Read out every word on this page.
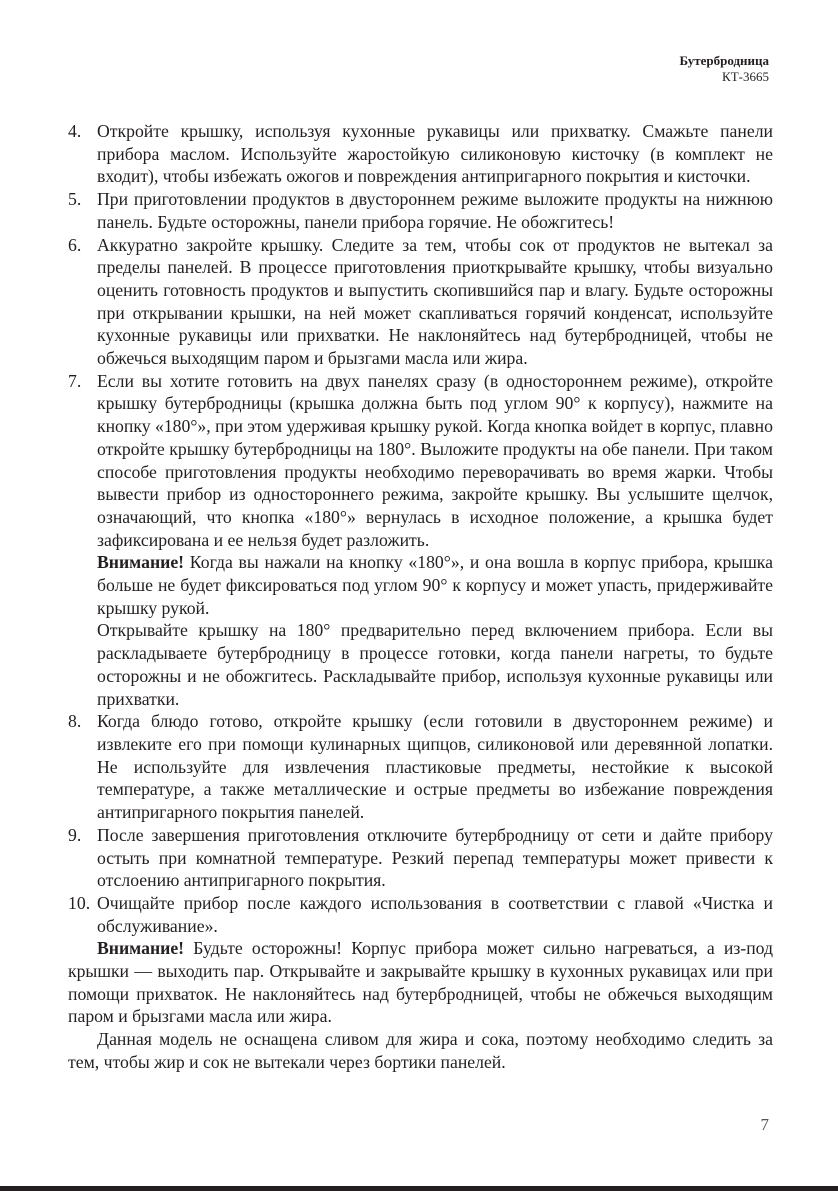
Бутербродница
КТ-3665
4. Откройте крышку, используя кухонные рукавицы или прихватку. Смажьте панели прибора маслом. Используйте жаростойкую силиконовую кисточку (в комплект не входит), чтобы избежать ожогов и повреждения антипригарного покрытия и кисточки.

5. При приготовлении продуктов в двустороннем режиме выложите продукты на нижнюю панель. Будьте осторожны, панели прибора горячие. Не обожгитесь!

6. Аккуратно закройте крышку. Следите за тем, чтобы сок от продуктов не вытекал за пределы панелей. В процессе приготовления приоткрывайте крышку, чтобы визуально оценить готовность продуктов и выпустить скопившийся пар и влагу. Будьте осторожны при открывании крышки, на ней может скапливаться горячий конденсат, используйте кухонные рукавицы или прихватки. Не наклоняйтесь над бутербродницей, чтобы не обжечься выходящим паром и брызгами масла или жира.

7. Если вы хотите готовить на двух панелях сразу (в одностороннем режиме), откройте крышку бутербродницы (крышка должна быть под углом 90° к корпусу), нажмите на кнопку «180°», при этом удерживая крышку рукой. Когда кнопка войдет в корпус, плавно откройте крышку бутербродницы на 180°. Выложите продукты на обе панели. При таком способе приготовления продукты необходимо переворачивать во время жарки. Чтобы вывести прибор из одностороннего режима, закройте крышку. Вы услышите щелчок, означающий, что кнопка «180°» вернулась в исходное положение, а крышка будет зафиксирована и ее нельзя будет разложить.

Внимание! Когда вы нажали на кнопку «180°», и она вошла в корпус прибора, крышка больше не будет фиксироваться под углом 90° к корпусу и может упасть, придерживайте крышку рукой.

Открывайте крышку на 180° предварительно перед включением прибора. Если вы раскладываете бутербродницу в процессе готовки, когда панели нагреты, то будьте осторожны и не обожгитесь. Раскладывайте прибор, используя кухонные рукавицы или прихватки.

8. Когда блюдо готово, откройте крышку (если готовили в двустороннем режиме) и извлеките его при помощи кулинарных щипцов, силиконовой или деревянной лопатки. Не используйте для извлечения пластиковые предметы, нестойкие к высокой температуре, а также металлические и острые предметы во избежание повреждения антипригарного покрытия панелей.

9. После завершения приготовления отключите бутербродницу от сети и дайте прибору остыть при комнатной температуре. Резкий перепад температуры может привести к отслоению антипригарного покрытия.

10. Очищайте прибор после каждого использования в соответствии с главой «Чистка и обслуживание».

Внимание! Будьте осторожны! Корпус прибора может сильно нагреваться, а из-под крышки — выходить пар. Открывайте и закрывайте крышку в кухонных рукавицах или при помощи прихваток. Не наклоняйтесь над бутербродницей, чтобы не обжечься выходящим паром и брызгами масла или жира.

Данная модель не оснащена сливом для жира и сока, поэтому необходимо следить за тем, чтобы жир и сок не вытекали через бортики панелей.

7
